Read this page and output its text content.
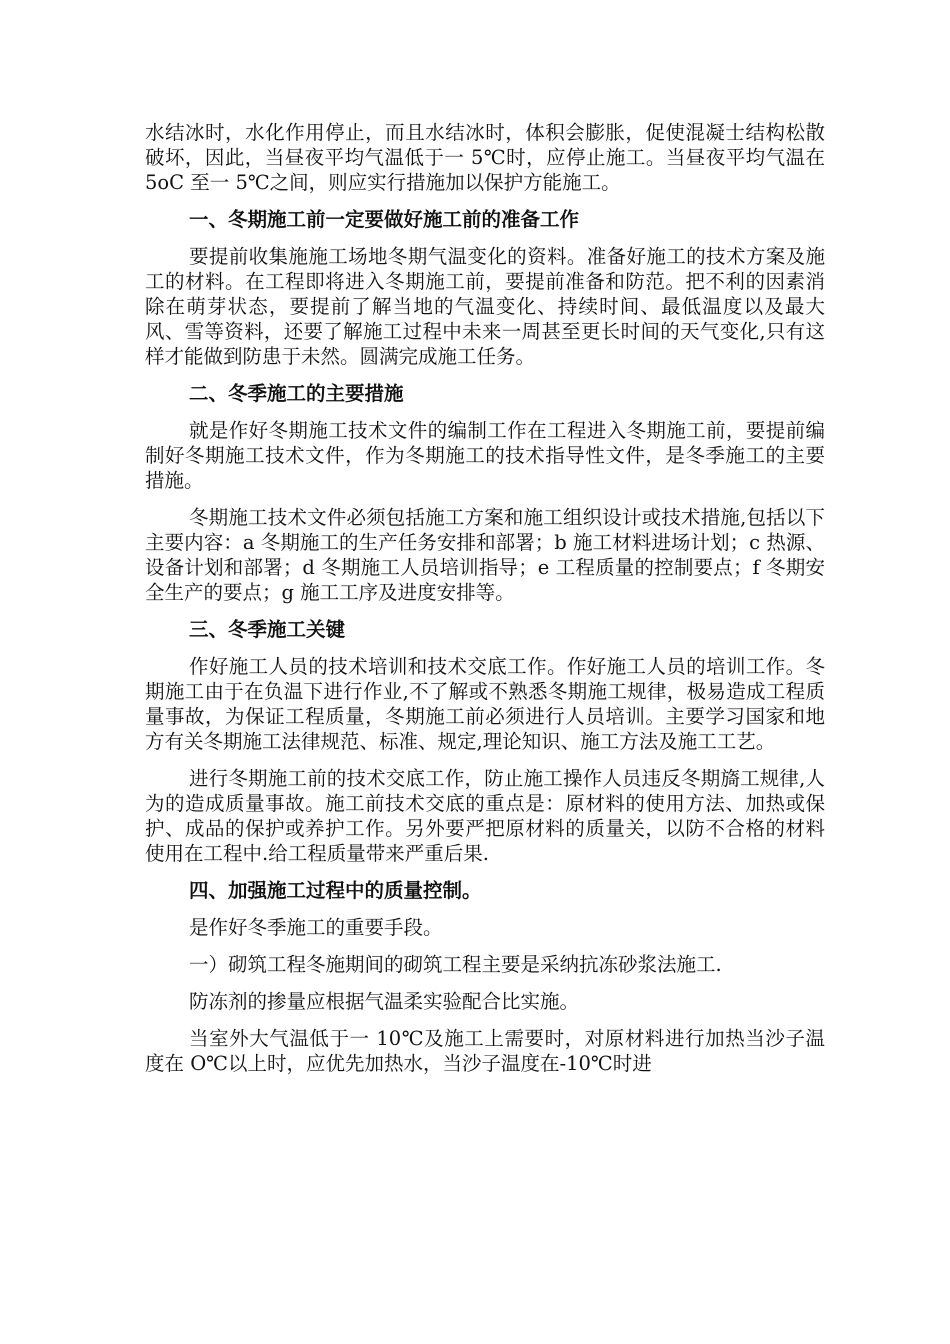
水结冰时，水化作用停止，而且水结冰时，体积会膨胀，促使混凝士结构松散破坏，因此，当昼夜平均气温低于一 5℃时，应停止施工。当昼夜平均气温在 5oC 至一 5℃之间，则应实行措施加以保护方能施工。

一、冬期施工前一定要做好施工前的准备工作

要提前收集施施工场地冬期气温变化的资料。准备好施工的技术方案及施工的材料。在工程即将进入冬期施工前，要提前准备和防范。把不利的因素消除在萌芽状态，要提前了解当地的气温变化、持续时间、最低温度以及最大风、雪等资料，还要了解施工过程中未来一周甚至更长时间的天气变化,只有这样才能做到防患于未然。圆满完成施工任务。

二、冬季施工的主要措施

就是作好冬期施工技术文件的编制工作在工程进入冬期施工前，要提前编制好冬期施工技术文件，作为冬期施工的技术指导性文件，是冬季施工的主要措施。

冬期施工技术文件必须包括施工方案和施工组织设计或技术措施,包括以下主要内容：a 冬期施工的生产任务安排和部署；b 施工材料进场计划；c 热源、设备计划和部署；d 冬期施工人员培训指导；e 工程质量的控制要点；f 冬期安全生产的要点；g 施工工序及进度安排等。

三、冬季施工关键

作好施工人员的技术培训和技术交底工作。作好施工人员的培训工作。冬期施工由于在负温下进行作业,不了解或不熟悉冬期施工规律，极易造成工程质量事故，为保证工程质量，冬期施工前必须进行人员培训。主要学习国家和地方有关冬期施工法律规范、标准、规定,理论知识、施工方法及施工工艺。

进行冬期施工前的技术交底工作，防止施工操作人员违反冬期旖工规律,人为的造成质量事故。施工前技术交底的重点是：原材料的使用方法、加热或保护、成品的保护或养护工作。另外要严把原材料的质量关，以防不合格的材料使用在工程中.给工程质量带来严重后果.

四、加强施工过程中的质量控制。

是作好冬季施工的重要手段。

一）砌筑工程冬施期间的砌筑工程主要是采纳抗冻砂浆法施工.

防冻剂的掺量应根据气温柔实验配合比实施。

当室外大气温低于一 10℃及施工上需要时，对原材料进行加热当沙子温度在 O℃以上时，应优先加热水，当沙子温度在-10℃时进
